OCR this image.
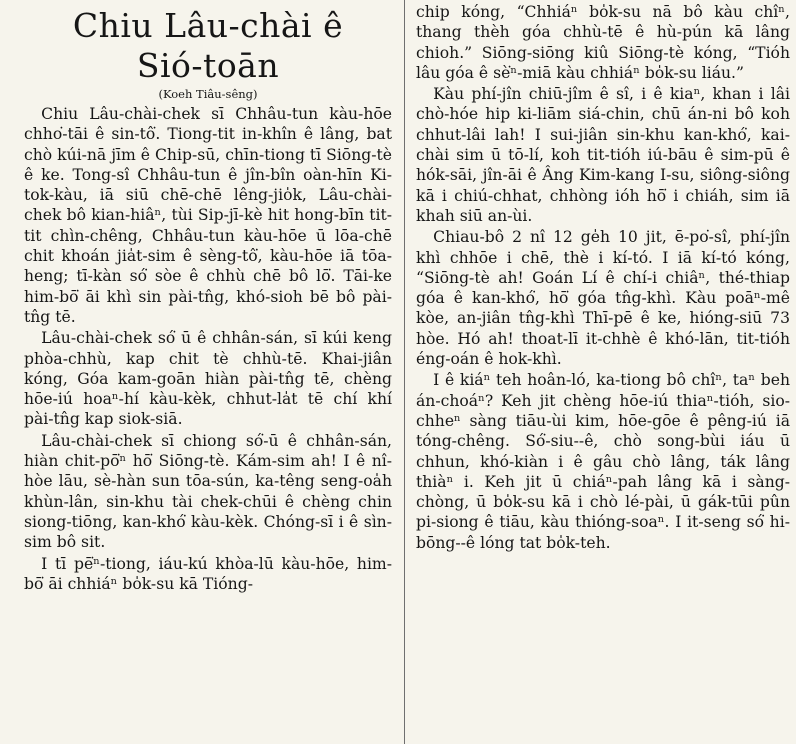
Chiu Lâu-chài ê
Sió-toān
(Koeh Tiâu-sêng)

Chiu Lâu-chài-chek sī Chhâu-tun kàu-hōe chho͘-tāi ê sin-tô͘. Tiong-tit in-khîn ê lâng, bat chò kúi-nā jīm ê Chip-sū, chīn-tiong tī Siōng-tè ê ke. Tong-sî Chhâu-tun ê jîn-bîn oàn-hīn Ki-tok-kàu, iā siū chē-chē lêng-jio̍k, Lâu-chài-chek bô kian-hiâⁿ, tùi Sip-jī-kè hit hong-bīn tit-tit chìn-chêng, Chhâu-tun kàu-hōe ū lōa-chē chit khoán jia̍t-sim ê sèng-tô͘, kàu-hōe iā tōa-heng; tī-kàn só͘ sòe ê chhù chē bô lō͘. Tāi-ke him-bō͘ āi khì sin pài-tn̂g, khó-sioh bē bô pài-tn̂g tē.

Lâu-chài-chek só͘ ū ê chhân-sán, sī kúi keng phòa-chhù, kap chit tè chhù-tē. Khai-jiân kóng, Góa kam-goān hiàn pài-tn̂g tē, chèng hōe-iú hoaⁿ-hí kàu-kèk, chhut-la̍t tē chí khí pài-tn̂g kap siok-siā.

Lâu-chài-chek sī chiong só͘-ū ê chhân-sán, hiàn chit-pō͘ⁿ hō͘ Siōng-tè. Kám-sim ah! I ê nî-hòe lāu, sè-hàn sun tōa-sún, ka-têng seng-oa̍h khùn-lân, sin-khu tài chek-chūi ê chèng chin siong-tiōng, kan-khó͘ kàu-kèk. Chóng-sī i ê sìn-sim bô sit.

I tī pē͘ⁿ-tiong, iáu-kú khòa-lū kàu-hōe, him-bō͘ āi chhiáⁿ bo̍k-su kā Tióng-

chip kóng, “Chhiáⁿ bo̍k-su nā bô kàu chîⁿ, thang thèh góa chhù-tē ê hù-pún kā lâng chioh.” Siōng-siōng kiû Siōng-tè kóng, “Tióh lâu góa ê sè͘ⁿ-miā kàu chhiáⁿ bo̍k-su liáu.”

Kàu phí-jîn chiū-jîm ê sî, i ê kiaⁿ, khan i lâi chò-hóe hip ki-liām siá-chin, chū án-ni bô koh chhut-lâi lah! I sui-jiân sin-khu kan-khó͘, kai-chài sim ū tō-lí, koh tit-tióh iú-bāu ê sim-pū ê hók-sāi, jîn-āi ê Âng Kim-kang I-su, siông-siông kā i chiú-chhat, chhòng ióh hō͘ i chiáh, sim iā khah siū an-ùi.

Chiau-bô 2 nî 12 ge̍h 10 jit, ē-po͘-sî, phí-jîn khì chhōe i chē, thè i kí-tó. I iā kí-tó kóng, “Siōng-tè ah! Goán Lí ê chí-i chiâⁿ, thé-thiap góa ê kan-khó͘, hō͘ góa tn̂g-khì. Kàu poāⁿ-mê kòe, an-jiân tn̂g-khì Thī-pē ê ke, hióng-siū 73 hòe. Hó ah! thoat-lī it-chhè ê khó-lān, tit-tióh éng-oán ê hok-khì.

I ê kiáⁿ teh hoân-ló, ka-tiong bô chîⁿ, taⁿ beh án-choáⁿ? Keh jit chèng hōe-iú thiaⁿ-tióh, sio-chheⁿ sàng tiāu-ùi kim, hōe-gōe ê pêng-iú iā tóng-chêng. Só͘-siu--ê, chò song-bùi iáu ū chhun, khó-kiàn i ê gâu chò lâng, ták lâng thiàⁿ i. Keh jit ū chiáⁿ-pah lâng kā i sàng-chòng, ū bo̍k-su kā i chò lé-pài, ū gák-tūi pûn pi-siong ê tiāu, kàu thióng-soaⁿ. I it-seng só͘ hi-bōng--ê lóng tat bo̍k-teh.
